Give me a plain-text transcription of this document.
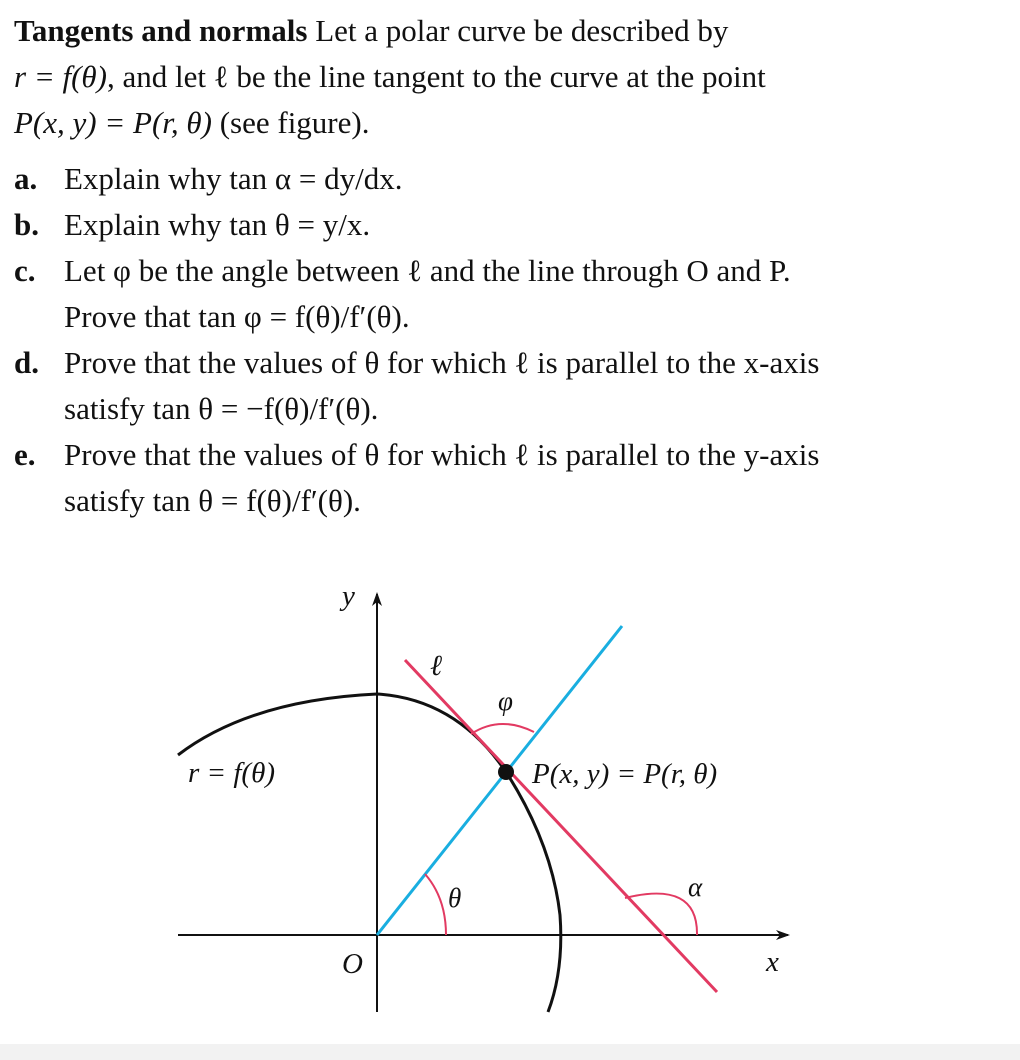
Tangents and normals Let a polar curve be described by
r = f(θ), and let ℓ be the line tangent to the curve at the point
P(x, y) = P(r, θ) (see figure).

a. Explain why tan α = dy/dx.
b. Explain why tan θ = y/x.
c. Let φ be the angle between ℓ and the line through O and P.
Prove that tan φ = f(θ)/f′(θ).
d. Prove that the values of θ for which ℓ is parallel to the x-axis
satisfy tan θ = −f(θ)/f′(θ).
e. Prove that the values of θ for which ℓ is parallel to the y-axis
satisfy tan θ = f(θ)/f′(θ).
y
x
O
r = f(θ)
ℓ
P(x, y) = P(r, θ)
φ
θ	α
